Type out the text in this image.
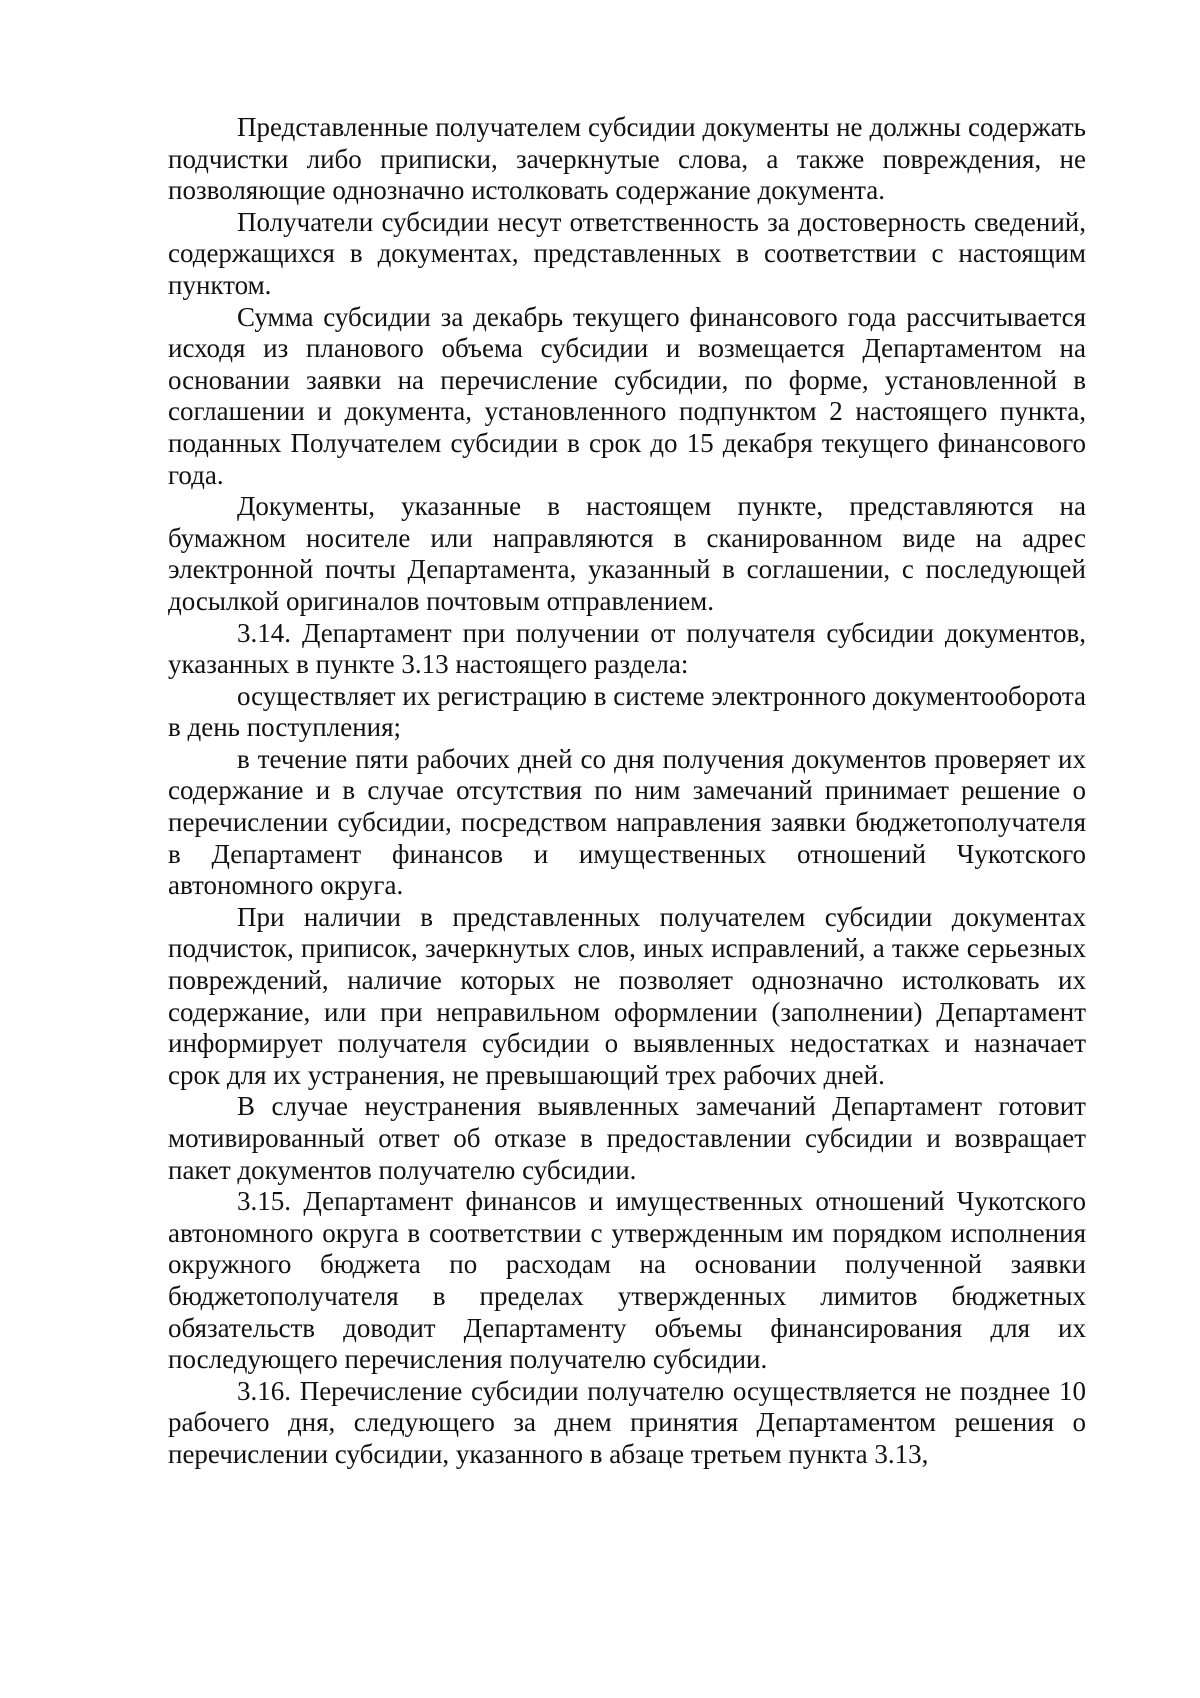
Представленные получателем субсидии документы не должны содержать подчистки либо приписки, зачеркнутые слова, а также повреждения, не позволяющие однозначно истолковать содержание документа.

Получатели субсидии несут ответственность за достоверность сведений, содержащихся в документах, представленных в соответствии с настоящим пунктом.

Сумма субсидии за декабрь текущего финансового года рассчитывается исходя из планового объема субсидии и возмещается Департаментом на основании заявки на перечисление субсидии, по форме, установленной в соглашении и документа, установленного подпунктом 2 настоящего пункта, поданных Получателем субсидии в срок до 15 декабря текущего финансового года.

Документы, указанные в настоящем пункте, представляются на бумажном носителе или направляются в сканированном виде на адрес электронной почты Департамента, указанный в соглашении, с последующей досылкой оригиналов почтовым отправлением.

3.14. Департамент при получении от получателя субсидии документов, указанных в пункте 3.13 настоящего раздела:

осуществляет их регистрацию в системе электронного документооборота в день поступления;

в течение пяти рабочих дней со дня получения документов проверяет их содержание и в случае отсутствия по ним замечаний принимает решение о перечислении субсидии, посредством направления заявки бюджетополучателя в Департамент финансов и имущественных отношений Чукотского автономного округа.

При наличии в представленных получателем субсидии документах подчисток, приписок, зачеркнутых слов, иных исправлений, а также серьезных повреждений, наличие которых не позволяет однозначно истолковать их содержание, или при неправильном оформлении (заполнении) Департамент информирует получателя субсидии о выявленных недостатках и назначает срок для их устранения, не превышающий трех рабочих дней.

В случае неустранения выявленных замечаний Департамент готовит мотивированный ответ об отказе в предоставлении субсидии и возвращает пакет документов получателю субсидии.

3.15. Департамент финансов и имущественных отношений Чукотского автономного округа в соответствии с утвержденным им порядком исполнения окружного бюджета по расходам на основании полученной заявки бюджетополучателя в пределах утвержденных лимитов бюджетных обязательств доводит Департаменту объемы финансирования для их последующего перечисления получателю субсидии.

3.16. Перечисление субсидии получателю осуществляется не позднее 10 рабочего дня, следующего за днем принятия Департаментом решения о перечислении субсидии, указанного в абзаце третьем пункта 3.13,
